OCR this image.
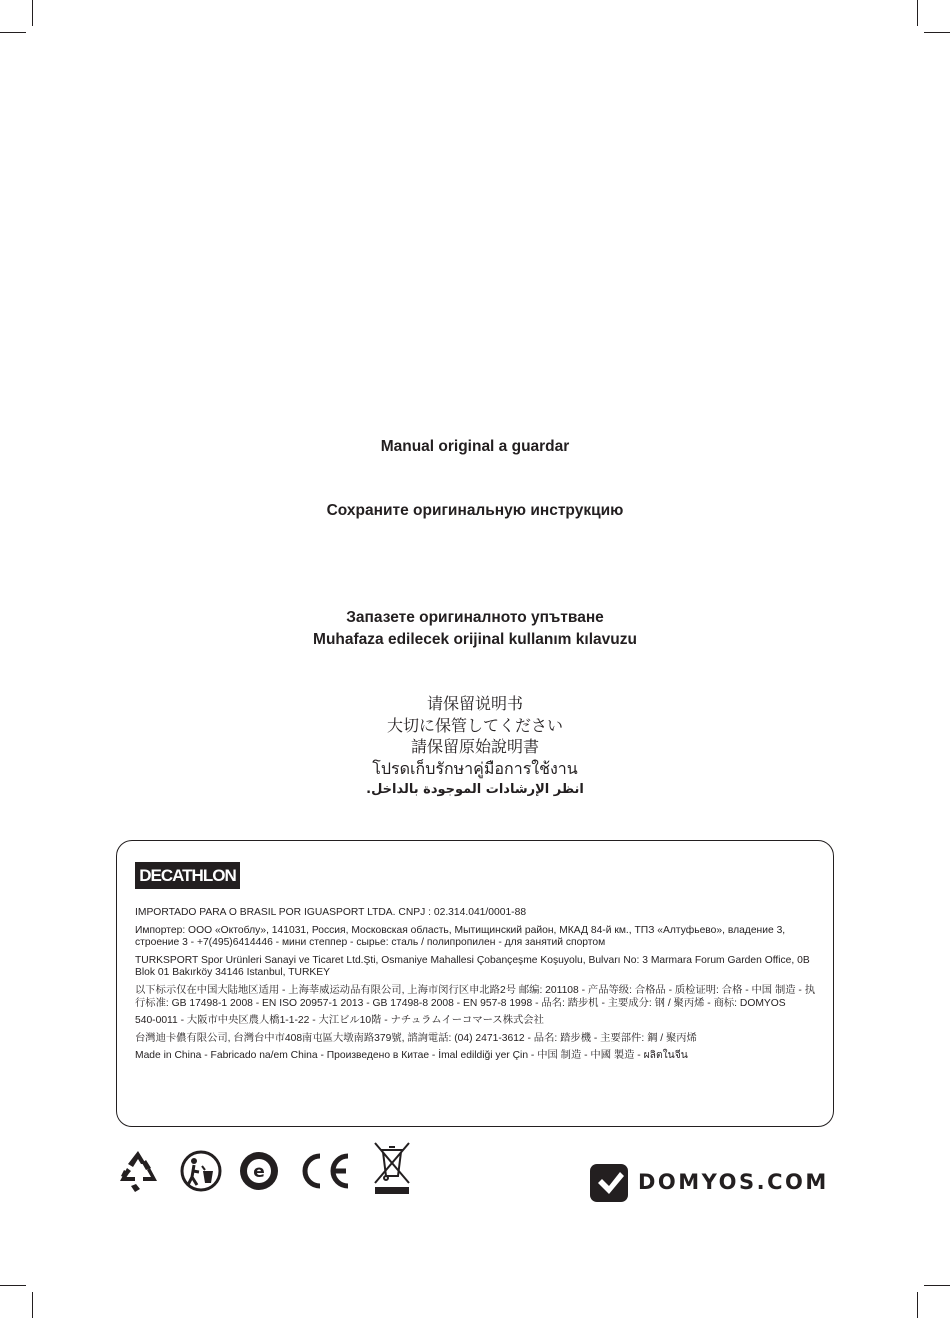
Manual original a guardar

Сохраните оригинальную инструкцию

Запазете оригиналното упътване

Muhafaza edilecek orijinal kullanım kılavuzu

请保留说明书

大切に保管してください

請保留原始說明書

โปรดเก็บรักษาคู่มือการใช้งาน

انظر الإرشادات الموجودة بالداخل.

DECATHLON

IMPORTADO PARA O BRASIL POR IGUASPORT LTDA. CNPJ : 02.314.041/0001-88

Импортер: ООО «Октоблу», 141031, Россия, Московская область, Мытищинский район, МКАД 84-й км., ТПЗ «Алтуфьево», владение 3, строение 3 - +7(495)6414446 - мини степпер - сырье: сталь / полипропилен - для занятий спортом

TURKSPORT Spor Urünleri Sanayi ve Ticaret Ltd.Şti, Osmaniye Mahallesi Çobançeşme Koşuyolu, Bulvarı No: 3 Marmara Forum Garden Office, 0B Blok 01 Bakırköy 34146 Istanbul, TURKEY

以下标示仅在中国大陆地区适用 - 上海莘威运动品有限公司, 上海市闵行区申北路2号 邮编: 201108 - 产品等级: 合格品 - 质检证明: 合格 - 中国 制造 - 执行标准: GB 17498-1 2008 - EN ISO 20957-1 2013 - GB 17498-8 2008 - EN 957-8 1998 - 品名: 踏步机 - 主要成分: 钢 / 聚丙烯 - 商标: DOMYOS

540-0011 - 大阪市中央区農人橋1-1-22 - 大江ビル10階 - ナチュラムイーコマース株式会社

台灣迪卡儂有限公司, 台灣台中市408南屯區大墩南路379號, 諮詢電話: (04) 2471-3612 - 品名: 踏步機 - 主要部件: 鋼 / 聚丙烯

Made in China - Fabricado na/em China - Произведено в Китае - İmal edildiği yer Çin - 中国 制造 - 中國 製造 - ผลิตในจีน

e	DOMYOS.COM
